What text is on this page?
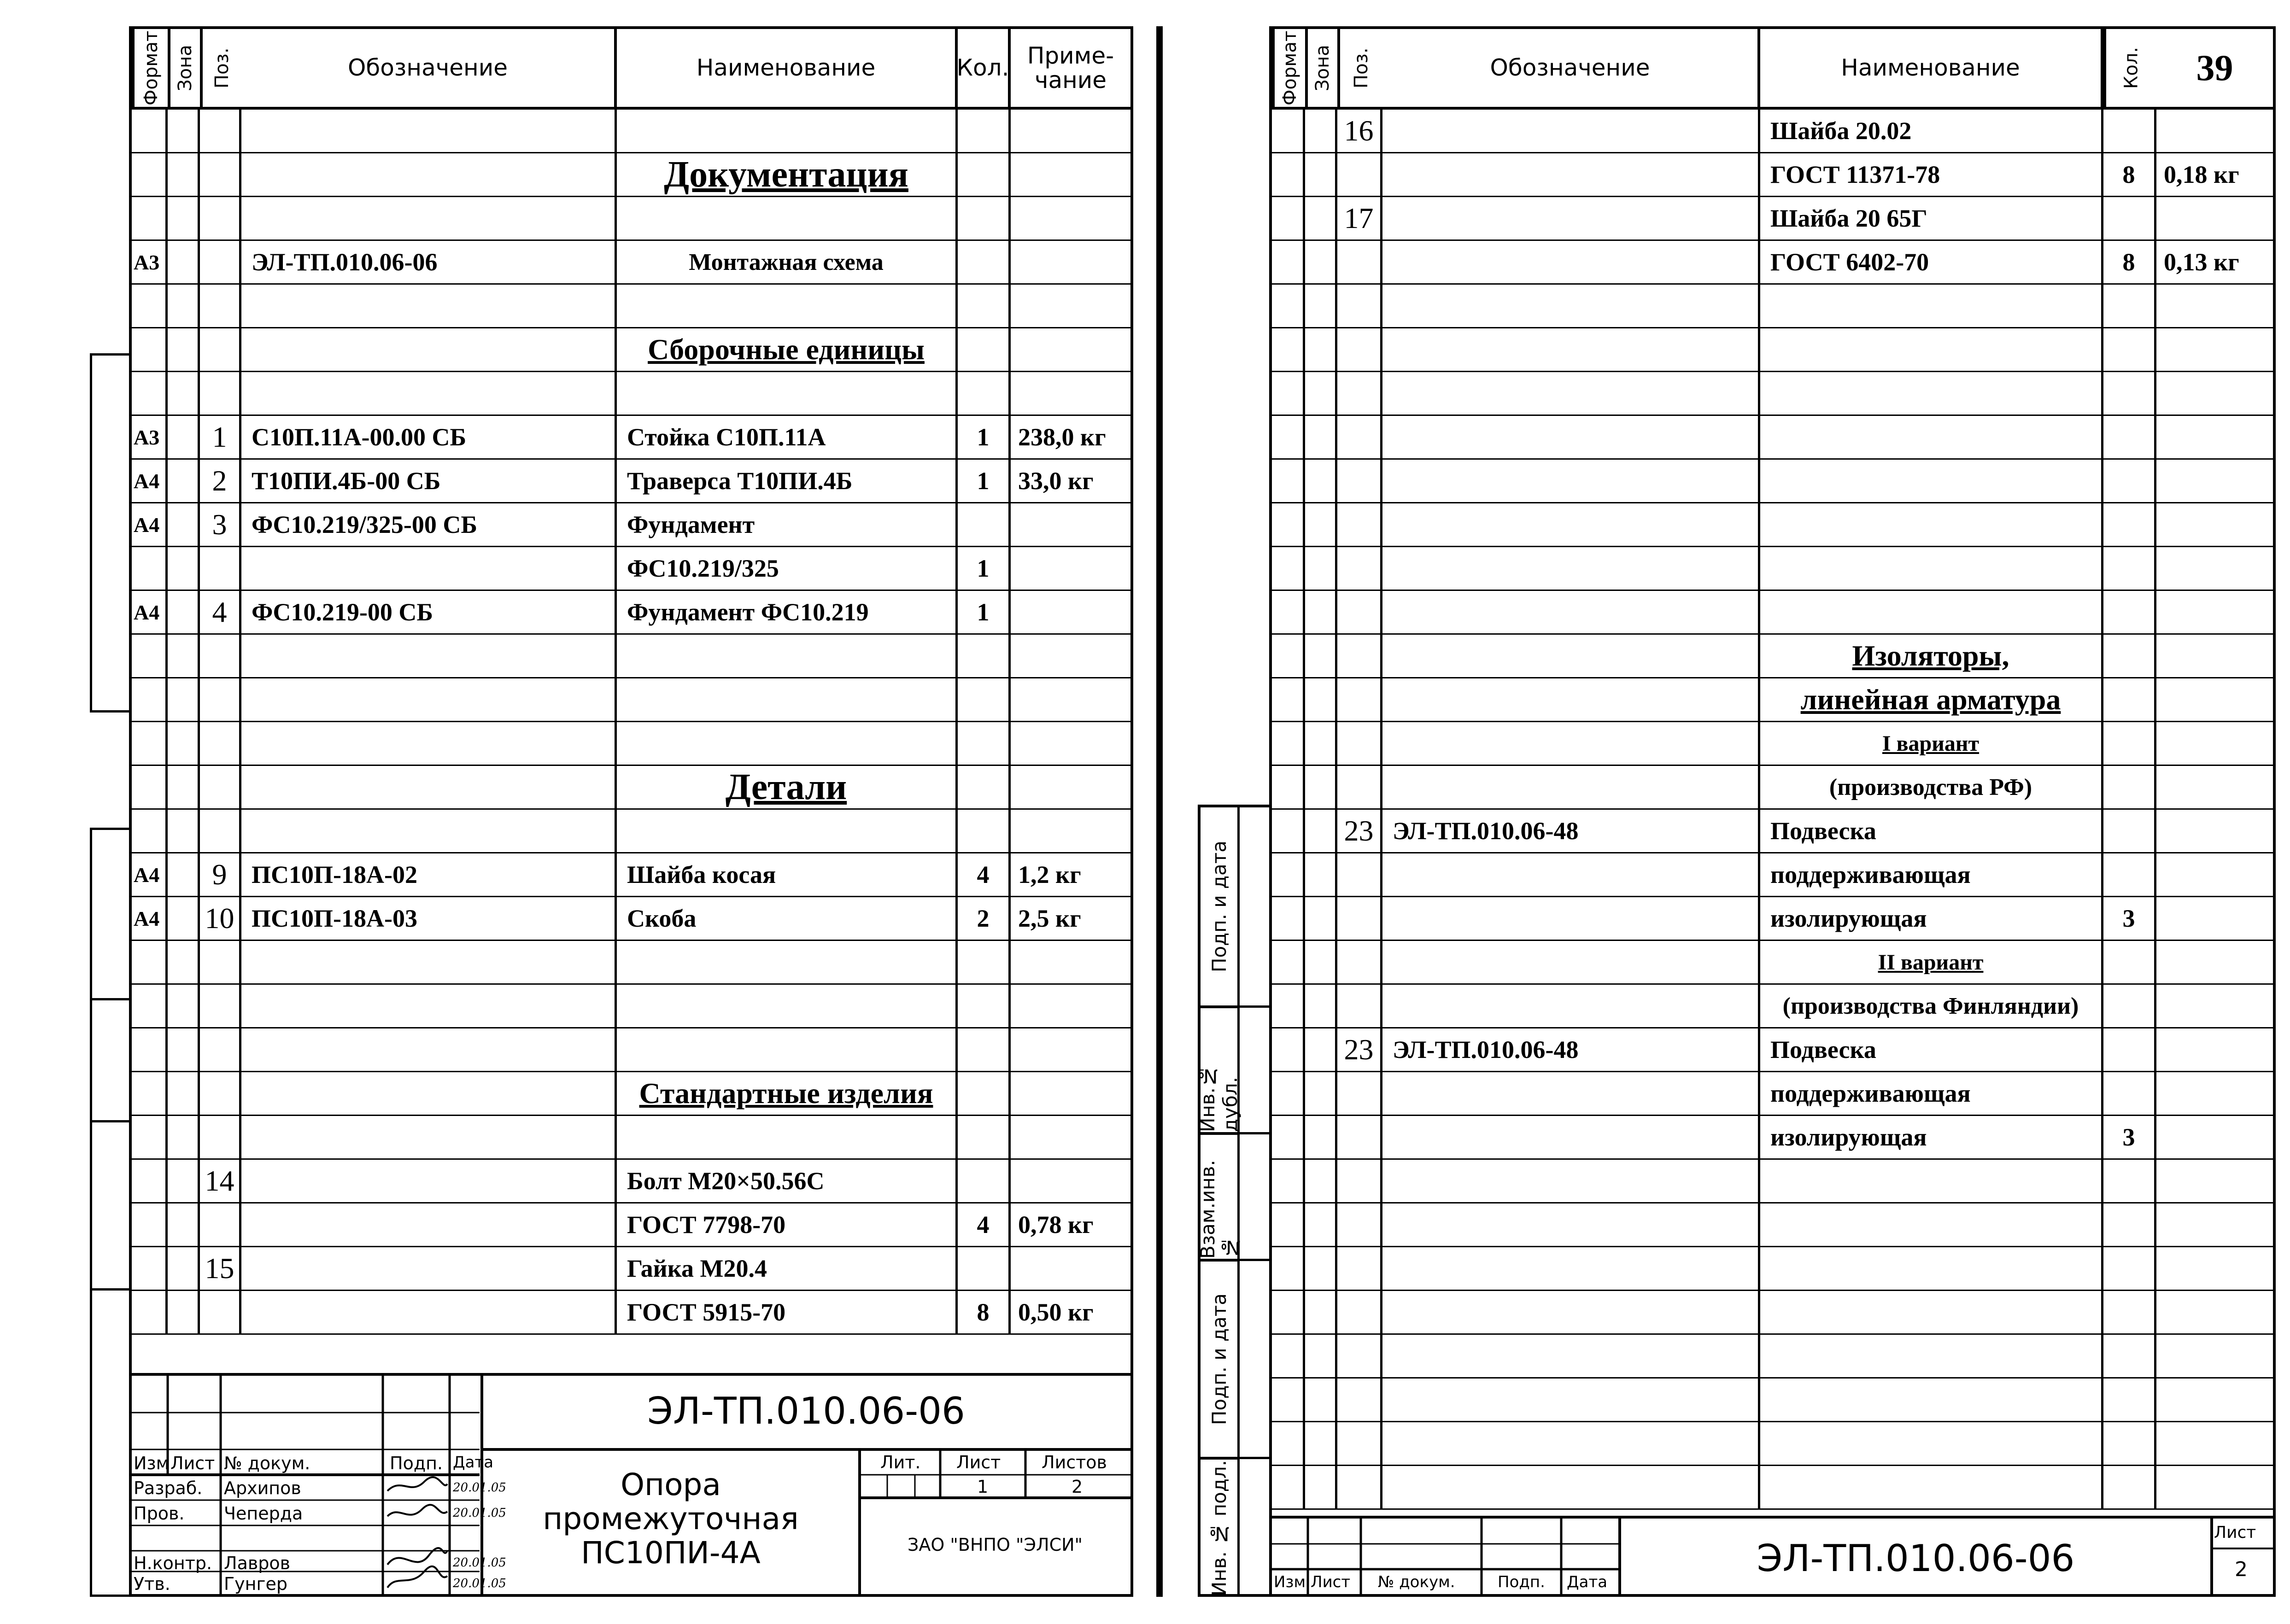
Формат Зона Поз.	Обозначение	Наименование	Кол. Приме-
чание
Документация
А3	ЭЛ-ТП.010.06-06	Монтажная схема
Сборочные единицы
А3	1 С10П.11А-00.00 СБ	Стойка С10П.11А	1	238,0 кг
А4	2 Т10ПИ.4Б-00 СБ	Траверса Т10ПИ.4Б	1	33,0 кг
А4	3 ФС10.219/325-00 СБ	Фундамент
ФС10.219/325	1
А4	4 ФС10.219-00 СБ	Фундамент ФС10.219	1
Детали
А4	9 ПС10П-18А-02	Шайба косая	4	1,2 кг
А4 10 ПС10П-18А-03	Скоба	2	2,5 кг
Стандартные изделия
14	Болт М20×50.56С
ГОСТ 7798-70	4	0,78 кг
15	Гайка М20.4
ГОСТ 5915-70	8	0,50 кг
ЭЛ-ТП.010.06-06
Изм Лист № докум.	Подп. Дата
Разраб. Архипов	20.01.05
Пров. Чеперда	20.01.05
Н.контр. Лавров	20.01.05
Утв.	Гунгер	20.01.05
Опора
промежуточная
ПС10ПИ-4А
Лит. Лист Листов
1	2
ЗАО "ВНПО "ЭЛСИ"
Формат Зона Поз.	Обозначение	Наименование	Кол.	39
16	Шайба 20.02
ГОСТ 11371-78	8	0,18 кг
17	Шайба 20 65Г
ГОСТ 6402-70	8	0,13 кг
Изоляторы,
линейная арматура
I вариант
(производства РФ)
23 ЭЛ-ТП.010.06-48	Подвеска
поддерживающая
изолирующая	3
II вариант
(производства Финляндии)
23 ЭЛ-ТП.010.06-48	Подвеска
поддерживающая
изолирующая	3
Изм. Лист № докум.	Подп. Дата
ЭЛ-ТП.010.06-06
Лист
2
Подп. и дата
Инв.№ дубл.
Взам.инв. №
Подп. и дата
Инв. № подл.
